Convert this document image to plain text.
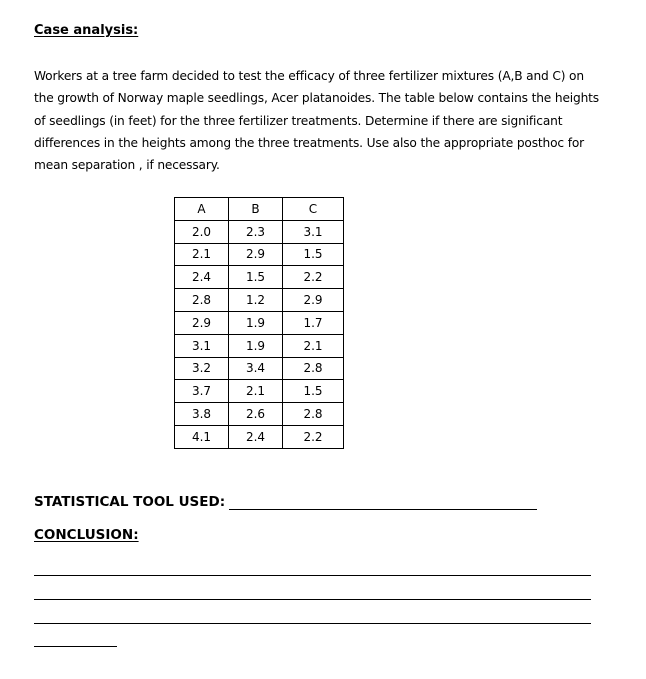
Case analysis:

Workers at a tree farm decided to test the efficacy of three fertilizer mixtures (A,B and C) on the growth of Norway maple seedlings, Acer platanoides. The table below contains the heights of seedlings (in feet) for the three fertilizer treatments. Determine if there are significant differences in the heights among the three treatments. Use also the appropriate posthoc for mean separation , if necessary.

A	B	C
2.0	2.3	3.1
2.1	2.9	1.5
2.4	1.5	2.2
2.8	1.2	2.9
2.9	1.9	1.7
3.1	1.9	2.1
3.2	3.4	2.8
3.7	2.1	1.5
3.8	2.6	2.8
4.1	2.4	2.2
STATISTICAL TOOL USED:

CONCLUSION:
